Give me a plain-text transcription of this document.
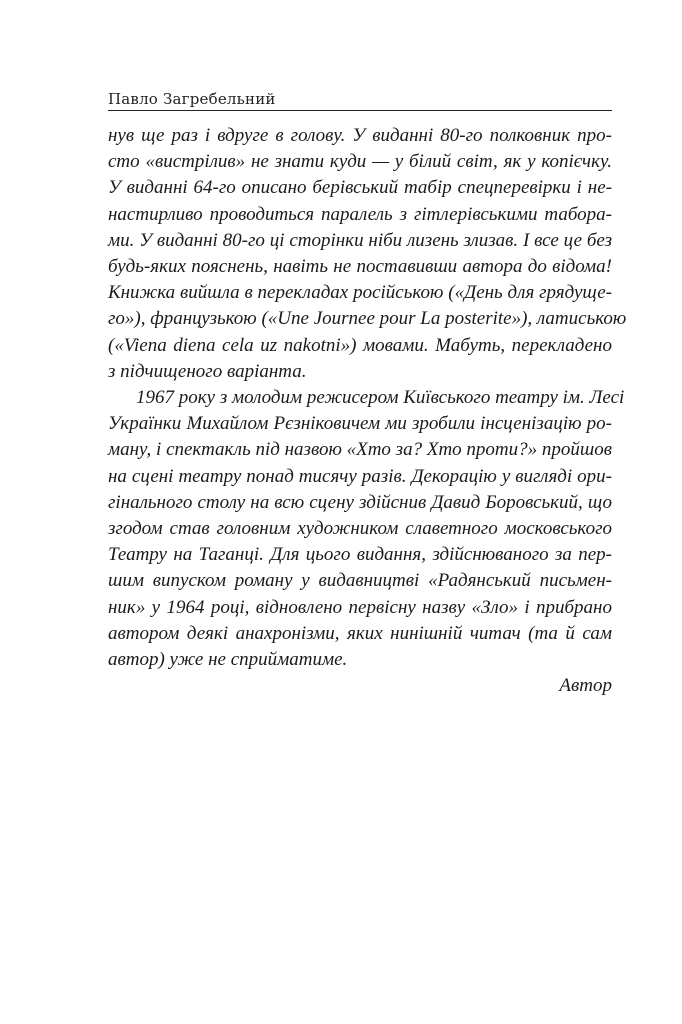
Павло Загребельний
нув ще раз і вдруге в голову. У виданні 80-го полковник про-
сто «вистрілив» не знати куди — у білий світ, як у копієчку.
У виданні 64-го описано берівський табір спецперевірки і не-
настирливо проводиться паралель з гітлерівськими табора-
ми. У виданні 80-го ці сторінки ніби лизень злизав. І все це без
будь-яких пояснень, навіть не поставивши автора до відома!
Книжка вийшла в перекладах російською («День для грядуще-
го»), французькою («Une Journee pour La posterite»), латиською
(«Viena diena cela uz nakotni») мовами. Мабуть, перекладено
з підчищеного варіанта.
1967 року з молодим режисером Київського театру ім. Лесі
Українки Михайлом Рєзніковичем ми зробили інсценізацію ро-
ману, і спектакль під назвою «Хто за? Хто проти?» пройшов
на сцені театру понад тисячу разів. Декорацію у вигляді ори-
гінального столу на всю сцену здійснив Давид Боровський, що
згодом став головним художником славетного московського
Театру на Таганці. Для цього видання, здійснюваного за пер-
шим випуском роману у видавництві «Радянський письмен-
ник» у 1964 році, відновлено первісну назву «Зло» і прибрано
автором деякі анахронізми, яких нинішній читач (та й сам
автор) уже не сприйматиме.
Автор
